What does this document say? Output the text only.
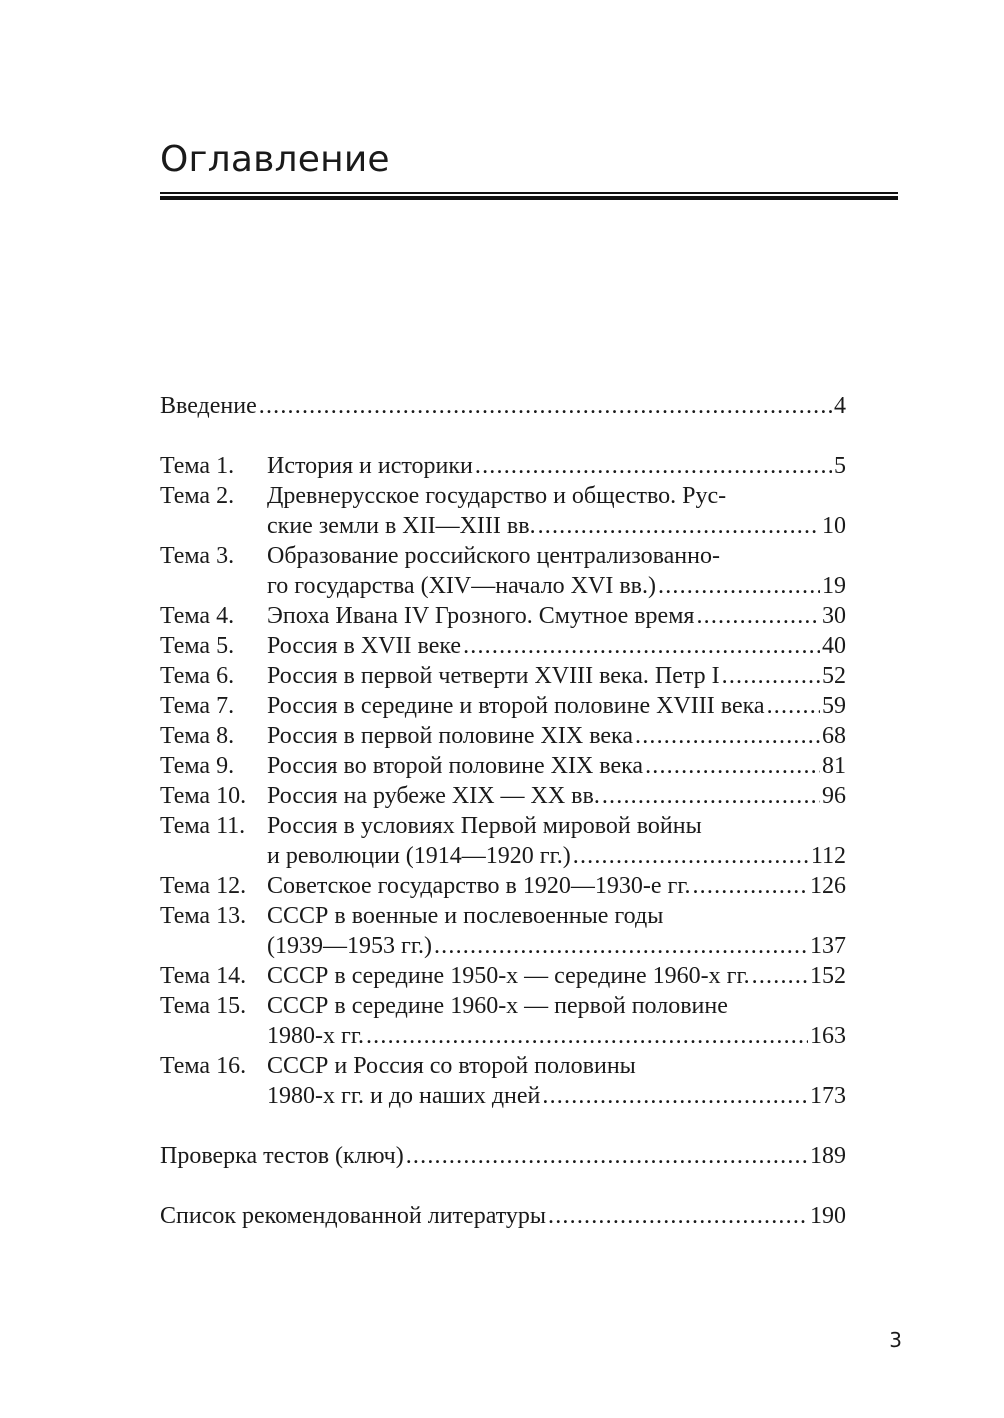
Оглавление
Введение .....	4
Тема 1.	История и историки .....	5
Тема 2.	Древнерусское государство и общество. Рус-
ские земли в XII—XIII вв. .....	10
Тема 3.	Образование российского централизованно-
го государства (XIV—начало XVI вв.) .....	19
Тема 4.	Эпоха Ивана IV Грозного. Смутное время .....	30
Тема 5.	Россия в XVII веке .....	40
Тема 6.	Россия в первой четверти XVIII века. Петр I .....	52
Тема 7.	Россия в середине и второй половине XVIII века ..... 59
Тема 8.	Россия в первой половине XIX века .....	68
Тема 9.	Россия во второй половине XIX века .....	81
Тема 10. Россия на рубеже XIX — XX вв. .....	96
Тема 11. Россия в условиях Первой мировой войны
и революции (1914—1920 гг.) .....	112
Тема 12. Советское государство в 1920—1930-е гг. .....	126
Тема 13. СССР в военные и послевоенные годы
(1939—1953 гг.) .....	137
Тема 14. СССР в середине 1950-х — середине 1960-х гг. .....	152
Тема 15. СССР в середине 1960-х — первой половине
1980-х гг. .....	163
Тема 16. СССР и Россия со второй половины
1980-х гг. и до наших дней .....	173
Проверка тестов (ключ) .....	189
Список рекомендованной литературы .....	190
3
